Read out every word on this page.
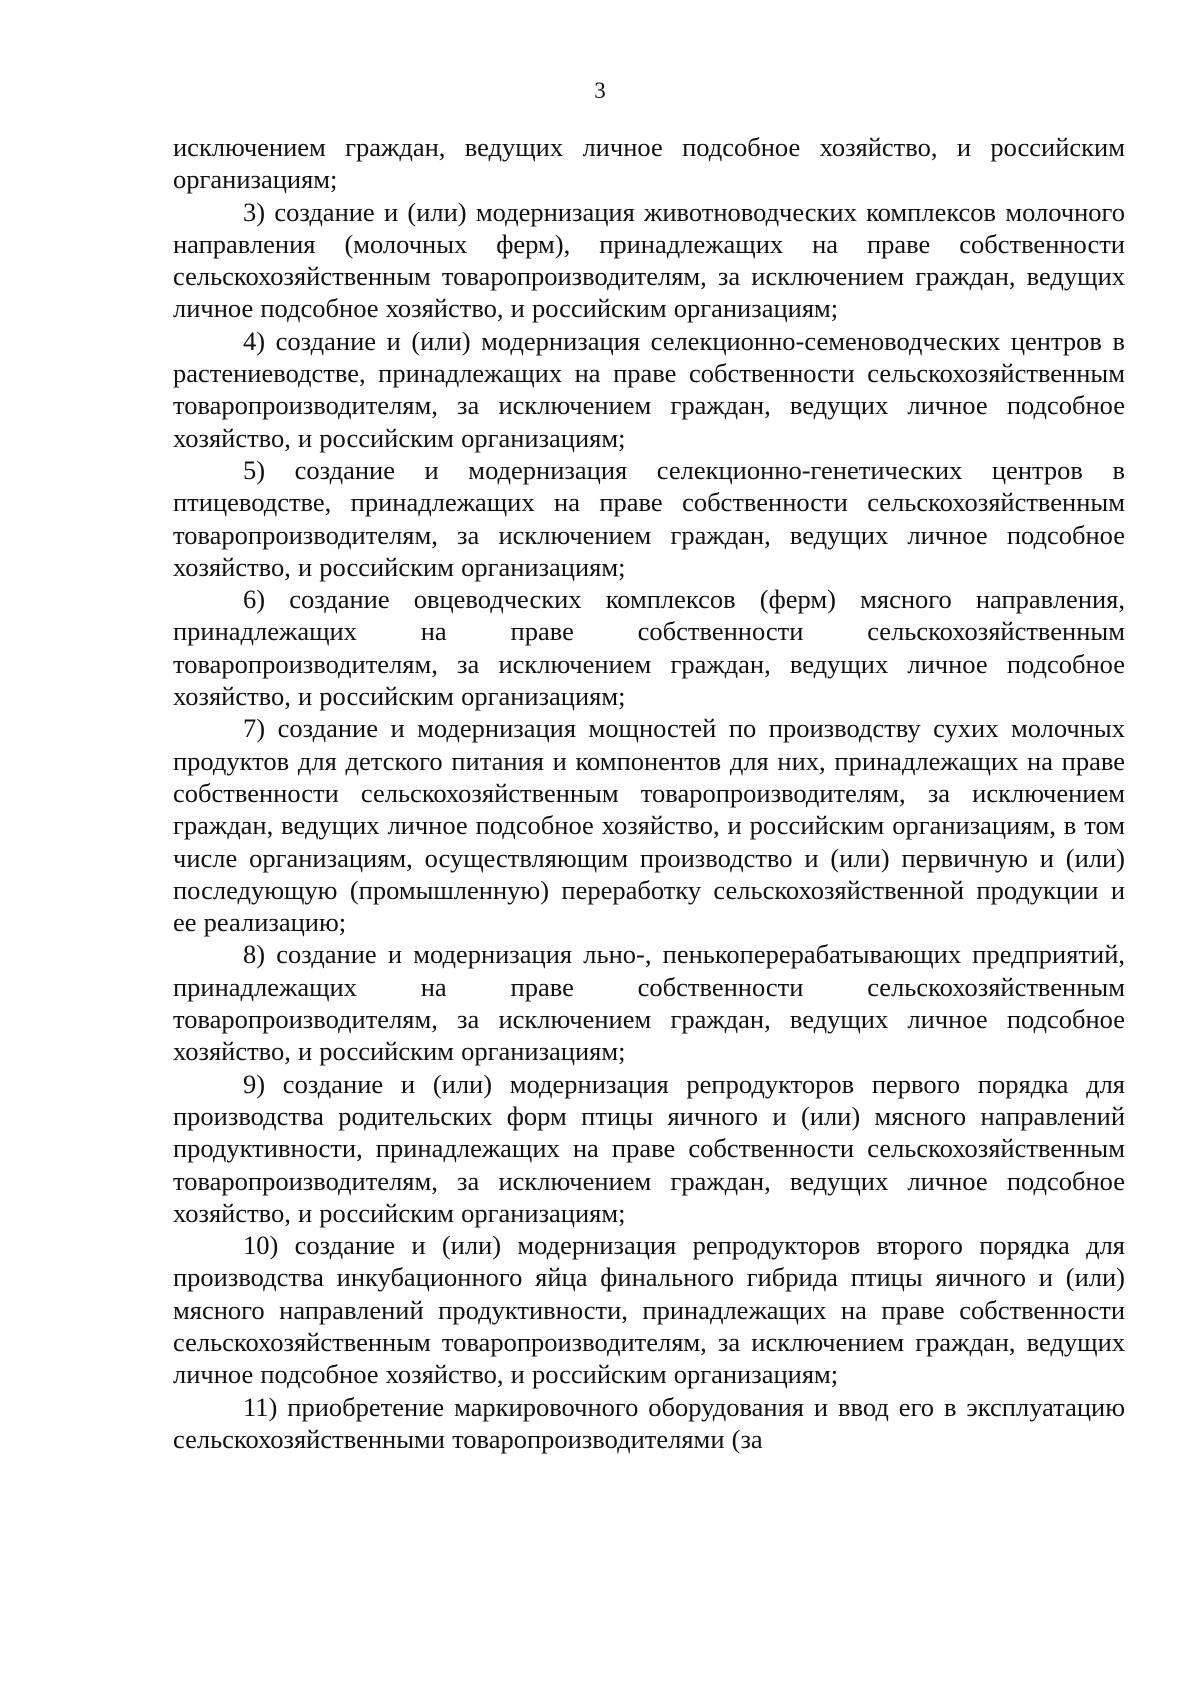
3

исключением граждан, ведущих личное подсобное хозяйство, и российским организациям;

3) создание и (или) модернизация животноводческих комплексов молочного направления (молочных ферм), принадлежащих на праве собственности сельскохозяйственным товаропроизводителям, за исключением граждан, ведущих личное подсобное хозяйство, и российским организациям;

4) создание и (или) модернизация селекционно-семеноводческих центров в растениеводстве, принадлежащих на праве собственности сельскохозяйственным товаропроизводителям, за исключением граждан, ведущих личное подсобное хозяйство, и российским организациям;

5) создание и модернизация селекционно-генетических центров в птицеводстве, принадлежащих на праве собственности сельскохозяйственным товаропроизводителям, за исключением граждан, ведущих личное подсобное хозяйство, и российским организациям;

6) создание овцеводческих комплексов (ферм) мясного направления, принадлежащих на праве собственности сельскохозяйственным товаропроизводителям, за исключением граждан, ведущих личное подсобное хозяйство, и российским организациям;

7) создание и модернизация мощностей по производству сухих молочных продуктов для детского питания и компонентов для них, принадлежащих на праве собственности сельскохозяйственным товаропроизводителям, за исключением граждан, ведущих личное подсобное хозяйство, и российским организациям, в том числе организациям, осуществляющим производство и (или) первичную и (или) последующую (промышленную) переработку сельскохозяйственной продукции и ее реализацию;

8) создание и модернизация льно-, пенькоперерабатывающих предприятий, принадлежащих на праве собственности сельскохозяйственным товаропроизводителям, за исключением граждан, ведущих личное подсобное хозяйство, и российским организациям;

9) создание и (или) модернизация репродукторов первого порядка для производства родительских форм птицы яичного и (или) мясного направлений продуктивности, принадлежащих на праве собственности сельскохозяйственным товаропроизводителям, за исключением граждан, ведущих личное подсобное хозяйство, и российским организациям;

10) создание и (или) модернизация репродукторов второго порядка для производства инкубационного яйца финального гибрида птицы яичного и (или) мясного направлений продуктивности, принадлежащих на праве собственности сельскохозяйственным товаропроизводителям, за исключением граждан, ведущих личное подсобное хозяйство, и российским организациям;

11) приобретение маркировочного оборудования и ввод его в эксплуатацию сельскохозяйственными товаропроизводителями (за
